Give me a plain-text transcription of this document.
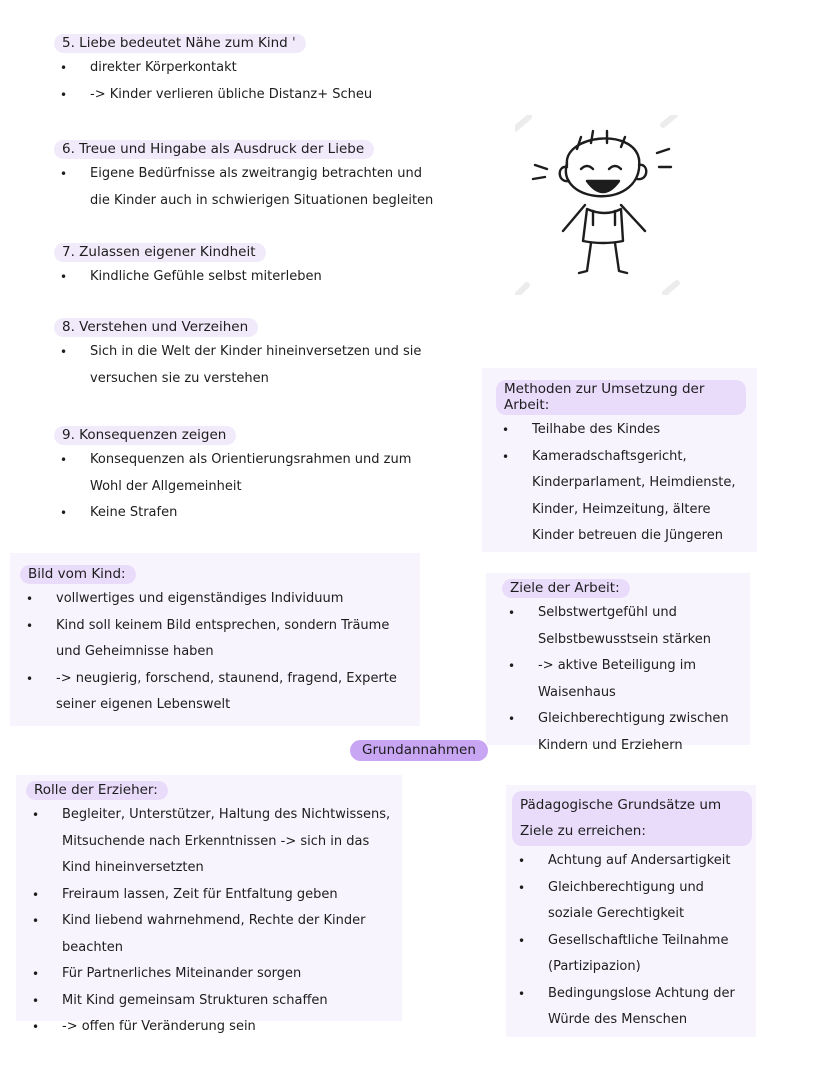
5. Liebe bedeutet Nähe zum Kind ˈ
• direkter Körperkontakt
• -> Kinder verlieren übliche Distanz+ Scheu
6. Treue und Hingabe als Ausdruck der Liebe
• Eigene Bedürfnisse als zweitrangig betrachten und die Kinder auch in schwierigen Situationen begleiten
7. Zulassen eigener Kindheit
• Kindliche Gefühle selbst miterleben
8. Verstehen und Verzeihen
• Sich in die Welt der Kinder hineinversetzen und sie versuchen sie zu verstehen
9. Konsequenzen zeigen
• Konsequenzen als Orientierungsrahmen und zum Wohl der Allgemeinheit
• Keine Strafen
Methoden zur Umsetzung der Arbeit:
• Teilhabe des Kindes
• Kameradschaftsgericht, Kinderparlament, Heimdienste, Kinder, Heimzeitung, ältere Kinder betreuen die Jüngeren
Bild vom Kind:
• vollwertiges und eigenständiges Individuum
• Kind soll keinem Bild entsprechen, sondern Träume und Geheimnisse haben
• -> neugierig, forschend, staunend, fragend, Experte seiner eigenen Lebenswelt
Ziele der Arbeit:
• Selbstwertgefühl und Selbstbewusstsein stärken
• -> aktive Beteiligung im Waisenhaus
• Gleichberechtigung zwischen Kindern und Erziehern
Grundannahmen
Rolle der Erzieher:
• Begleiter, Unterstützer, Haltung des Nichtwissens, Mitsuchende nach Erkenntnissen -> sich in das Kind hineinversetzten
• Freiraum lassen, Zeit für Entfaltung geben
• Kind liebend wahrnehmend, Rechte der Kinder beachten
• Für Partnerliches Miteinander sorgen
• Mit Kind gemeinsam Strukturen schaffen
• -> offen für Veränderung sein
Pädagogische Grundsätze um Ziele zu erreichen:
• Achtung auf Andersartigkeit
• Gleichberechtigung und soziale Gerechtigkeit
• Gesellschaftliche Teilnahme (Partizipazion)
• Bedingungslose Achtung der Würde des Menschen
